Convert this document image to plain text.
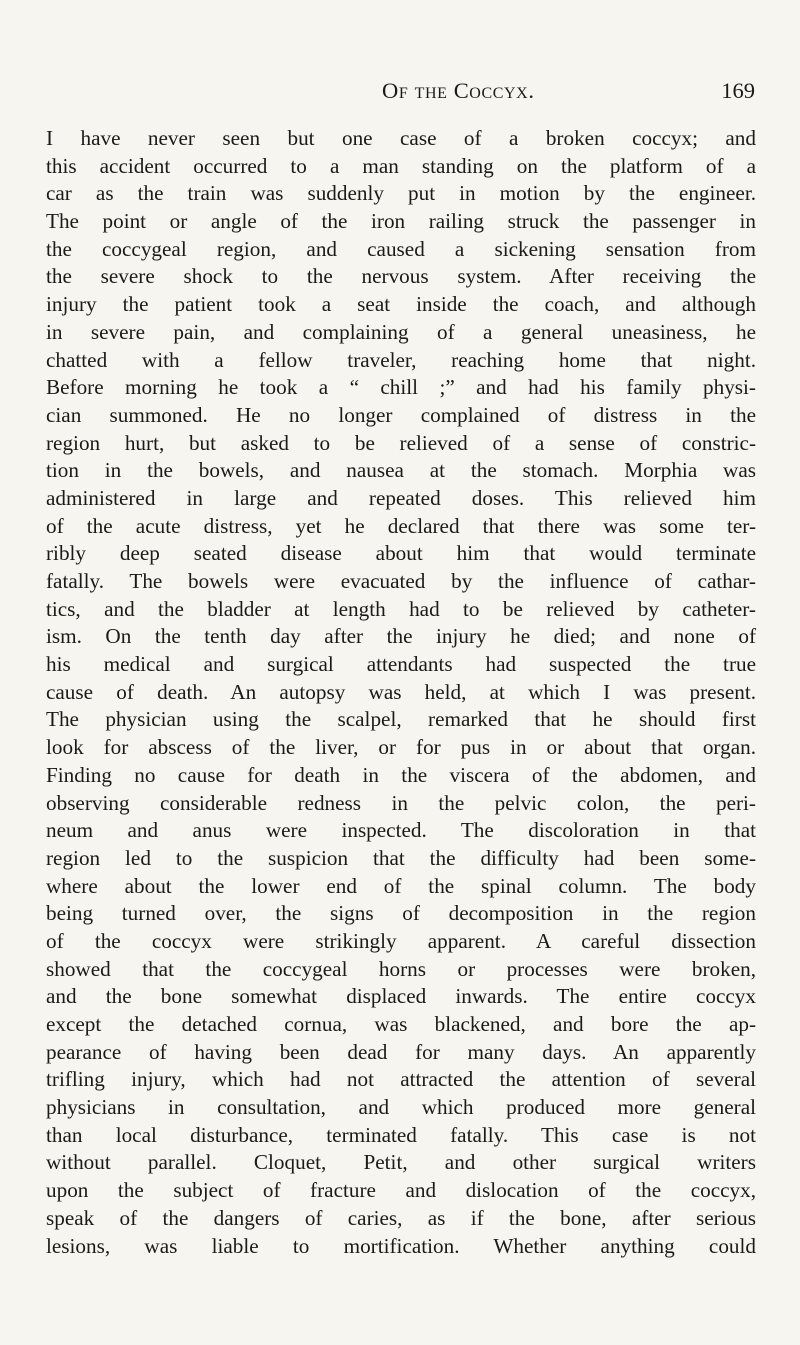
Of the Coccyx.	169
I have never seen but one case of a broken coccyx; and
this accident occurred to a man standing on the platform of a
car as the train was suddenly put in motion by the engineer.
The point or angle of the iron railing struck the passenger in
the coccygeal region, and caused a sickening sensation from
the severe shock to the nervous system. After receiving the
injury the patient took a seat inside the coach, and although
in severe pain, and complaining of a general uneasiness, he
chatted with a fellow traveler, reaching home that night.
Before morning he took a “ chill ;” and had his family physi-
cian summoned. He no longer complained of distress in the
region hurt, but asked to be relieved of a sense of constric-
tion in the bowels, and nausea at the stomach. Morphia was
administered in large and repeated doses. This relieved him
of the acute distress, yet he declared that there was some ter-
ribly deep seated disease about him that would terminate
fatally. The bowels were evacuated by the influence of cathar-
tics, and the bladder at length had to be relieved by catheter-
ism. On the tenth day after the injury he died; and none of
his medical and surgical attendants had suspected the true
cause of death. An autopsy was held, at which I was present.
The physician using the scalpel, remarked that he should first
look for abscess of the liver, or for pus in or about that organ.
Finding no cause for death in the viscera of the abdomen, and
observing considerable redness in the pelvic colon, the peri-
neum and anus were inspected. The discoloration in that
region led to the suspicion that the difficulty had been some-
where about the lower end of the spinal column. The body
being turned over, the signs of decomposition in the region
of the coccyx were strikingly apparent. A careful dissection
showed that the coccygeal horns or processes were broken,
and the bone somewhat displaced inwards. The entire coccyx
except the detached cornua, was blackened, and bore the ap-
pearance of having been dead for many days. An apparently
trifling injury, which had not attracted the attention of several
physicians in consultation, and which produced more general
than local disturbance, terminated fatally. This case is not
without parallel. Cloquet, Petit, and other surgical writers
upon the subject of fracture and dislocation of the coccyx,
speak of the dangers of caries, as if the bone, after serious
lesions, was liable to mortification. Whether anything could
